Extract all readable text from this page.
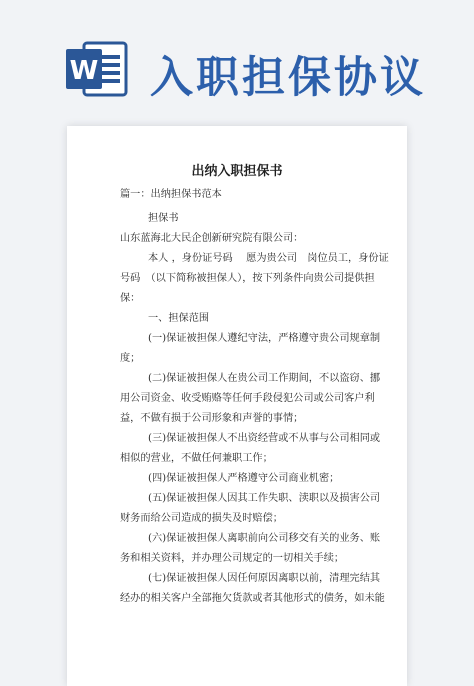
W 入职担保协议
出纳入职担保书
篇一：出纳担保书范本
担保书
山东蓝海北大民企创新研究院有限公司：
本人 ，身份证号码　 愿为贵公司　岗位员工，身份证
号码　（以下简称被担保人），按下列条件向贵公司提供担
保：
一、担保范围
(一)保证被担保人遵纪守法，严格遵守贵公司规章制
度；
(二)保证被担保人在贵公司工作期间，不以盗窃、挪
用公司资金、收受贿赂等任何手段侵犯公司或公司客户利
益，不做有损于公司形象和声誉的事情；
(三)保证被担保人不出资经营或不从事与公司相同或
相似的营业，不做任何兼职工作；
(四)保证被担保人严格遵守公司商业机密；
(五)保证被担保人因其工作失职、渎职以及损害公司
财务而给公司造成的损失及时赔偿；
(六)保证被担保人离职前向公司移交有关的业务、账
务和相关资料，并办理公司规定的一切相关手续；
(七)保证被担保人因任何原因离职以前，清理完结其
经办的相关客户全部拖欠货款或者其他形式的债务，如未能
